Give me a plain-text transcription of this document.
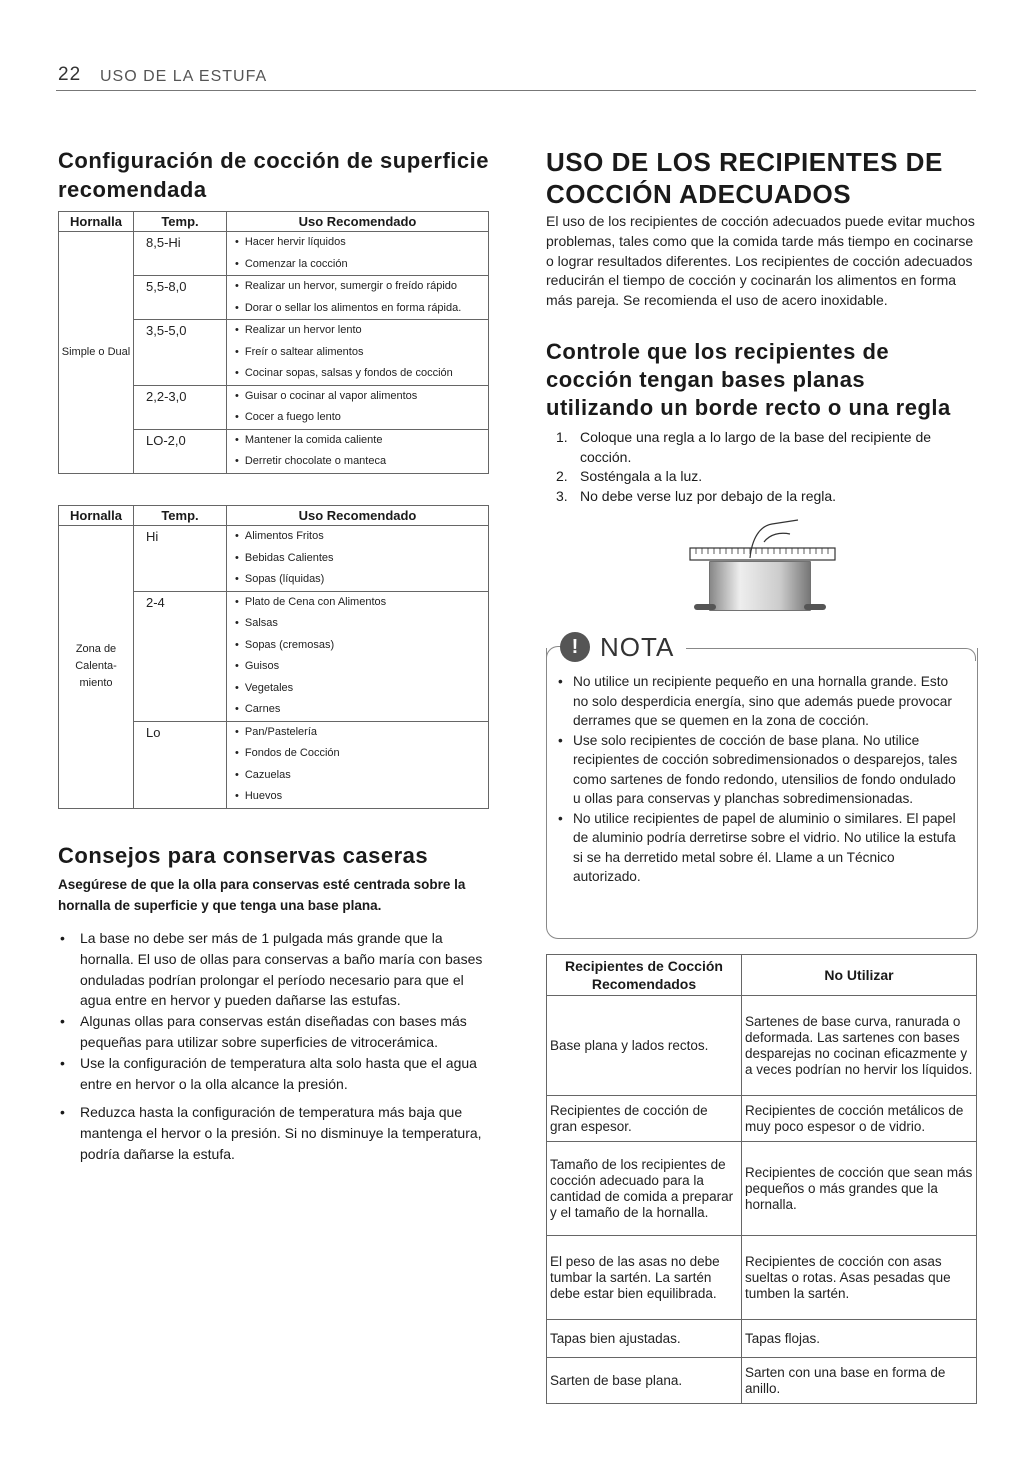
22 USO DE LA ESTUFA
Configuración de cocción de superficie recomendada
Hornalla	Temp.	Uso Recomendado
Simple o Dual	8,5-Hi	• Hacer hervir líquidos
		• Comenzar la cocción
	5,5-8,0	• Realizar un hervor, sumergir o freído rápido
		• Dorar o sellar los alimentos en forma rápida.
	3,5-5,0	• Realizar un hervor lento
		• Freír o saltear alimentos
		• Cocinar sopas, salsas y fondos de cocción
	2,2-3,0	• Guisar o cocinar al vapor alimentos
		• Cocer a fuego lento
	LO-2,0	• Mantener la comida caliente
		• Derretir chocolate o manteca
Hornalla	Temp.	Uso Recomendado
Zona de Calenta- miento	Hi	• Alimentos Fritos
		• Bebidas Calientes
		• Sopas (líquidas)
	2-4	• Plato de Cena con Alimentos
		• Salsas
		• Sopas (cremosas)
		• Guisos
		• Vegetales
		• Carnes
	Lo	• Pan/Pastelería
		• Fondos de Cocción
		• Cazuelas
		• Huevos
Consejos para conservas caseras
Asegúrese de que la olla para conservas esté centrada sobre la hornalla de superficie y que tenga una base plana.
• La base no debe ser más de 1 pulgada más grande que la hornalla. El uso de ollas para conservas a baño maría con bases onduladas podrían prolongar el período necesario para que el agua entre en hervor y pueden dañarse las estufas.
• Algunas ollas para conservas están diseñadas con bases más pequeñas para utilizar sobre superficies de vitrocerámica.
• Use la configuración de temperatura alta solo hasta que el agua entre en hervor o la olla alcance la presión.
• Reduzca hasta la configuración de temperatura más baja que mantenga el hervor o la presión. Si no disminuye la temperatura, podría dañarse la estufa.
USO DE LOS RECIPIENTES DE COCCIÓN ADECUADOS
El uso de los recipientes de cocción adecuados puede evitar muchos problemas, tales como que la comida tarde más tiempo en cocinarse o lograr resultados diferentes. Los recipientes de cocción adecuados reducirán el tiempo de cocción y cocinarán los alimentos en forma más pareja. Se recomienda el uso de acero inoxidable.
Controle que los recipientes de cocción tengan bases planas utilizando un borde recto o una regla
1. Coloque una regla a lo largo de la base del recipiente de cocción.
2. Sosténgala a la luz.
3. No debe verse luz por debajo de la regla.
! NOTA
• No utilice un recipiente pequeño en una hornalla grande. Esto no solo desperdicia energía, sino que además puede provocar derrames que se quemen en la zona de cocción.
• Use solo recipientes de cocción de base plana. No utilice recipientes de cocción sobredimensionados o desparejos, tales como sartenes de fondo redondo, utensilios de fondo ondulado u ollas para conservas y planchas sobredimensionadas.
• No utilice recipientes de papel de aluminio o similares. El papel de aluminio podría derretirse sobre el vidrio. No utilice la estufa si se ha derretido metal sobre él. Llame a un Técnico autorizado.
Recipientes de Cocción Recomendados	No Utilizar
Base plana y lados rectos.	Sartenes de base curva, ranurada o deformada. Las sartenes con bases desparejas no cocinan eficazmente y a veces podrían no hervir los líquidos.
Recipientes de cocción de gran espesor.	Recipientes de cocción metálicos de muy poco espesor o de vidrio.
Tamaño de los recipientes de cocción adecuado para la cantidad de comida a preparar y el tamaño de la hornalla.	Recipientes de cocción que sean más pequeños o más grandes que la hornalla.
El peso de las asas no debe tumbar la sartén. La sartén debe estar bien equilibrada.	Recipientes de cocción con asas sueltas o rotas. Asas pesadas que tumben la sartén.
Tapas bien ajustadas.	Tapas flojas.
Sarten de base plana.	Sarten con una base en forma de anillo.
